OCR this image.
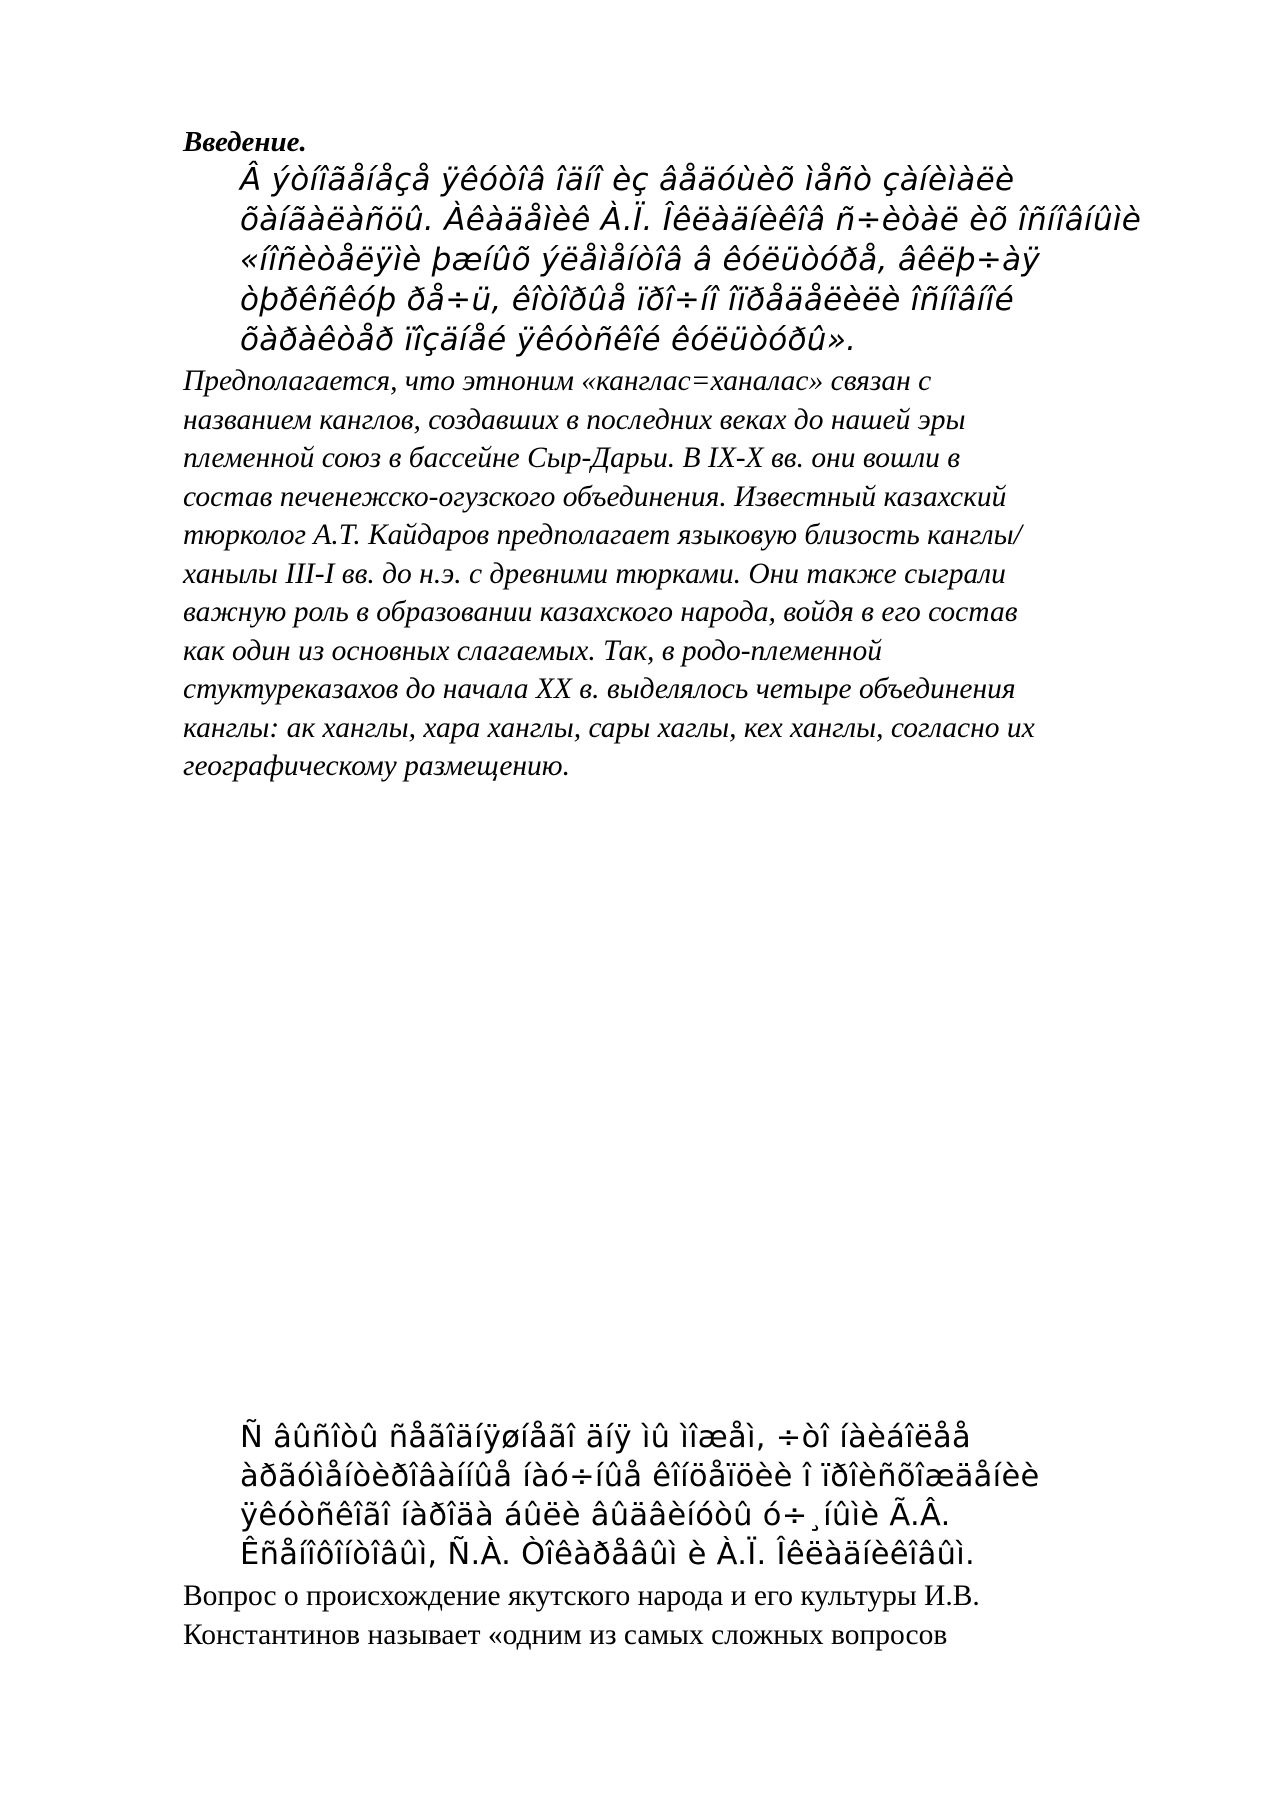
Введение.

Â ýòíîãåíåçå ÿêóòîâ îäíî èç âåäóùèõ ìåñò çàíèìàëè
õàíãàëàñöû. Àêàäåìèê À.Ï. Îêëàäíèêîâ ñ÷èòàë èõ îñíîâíûìè
«íîñèòåëÿìè þæíûõ ýëåìåíòîâ â êóëüòóðå, âêëþ÷àÿ
òþðêñêóþ ðå÷ü, êîòîðûå ïðî÷íî îïðåäåëèëè îñíîâíîé
õàðàêòåð ïîçäíåé ÿêóòñêîé êóëüòóðû».

Предполагается, что этноним «канглас=ханалас» связан с
названием канглов, создавших в последних веках до нашей эры
племенной союз в бассейне Сыр-Дарьи. В IX-X вв. они вошли в
состав печенежско-огузского объединения. Известный казахский
тюрколог А.Т. Кайдаров предполагает языковую близость канглы/
ханылы III-I вв. до н.э. с древними тюрками. Они также сыграли
важную роль в образовании казахского народа, войдя в его состав
как один из основных слагаемых. Так, в родо-племенной
стуктуреказахов до начала XX в. выделялось четыре объединения
канглы: ак ханглы, хара ханглы, сары хаглы, кех ханглы, согласно их
географическому размещению.

Ñ âûñîòû ñåãîäíÿøíåãî äíÿ ìû ìîæåì, ÷òî íàèáîëåå
àðãóìåíòèðîâàííûå íàó÷íûå êîíöåïöèè î ïðîèñõîæäåíèè
ÿêóòñêîãî íàðîäà áûëè âûäâèíóòû ó÷¸íûìè Ã.Â.
Êñåíîôîíòîâûì, Ñ.À. Òîêàðåâûì è À.Ï. Îêëàäíèêîâûì.

Вопрос о происхождение якутского народа и его культуры И.В.
Константинов называет «одним из самых сложных вопросов
